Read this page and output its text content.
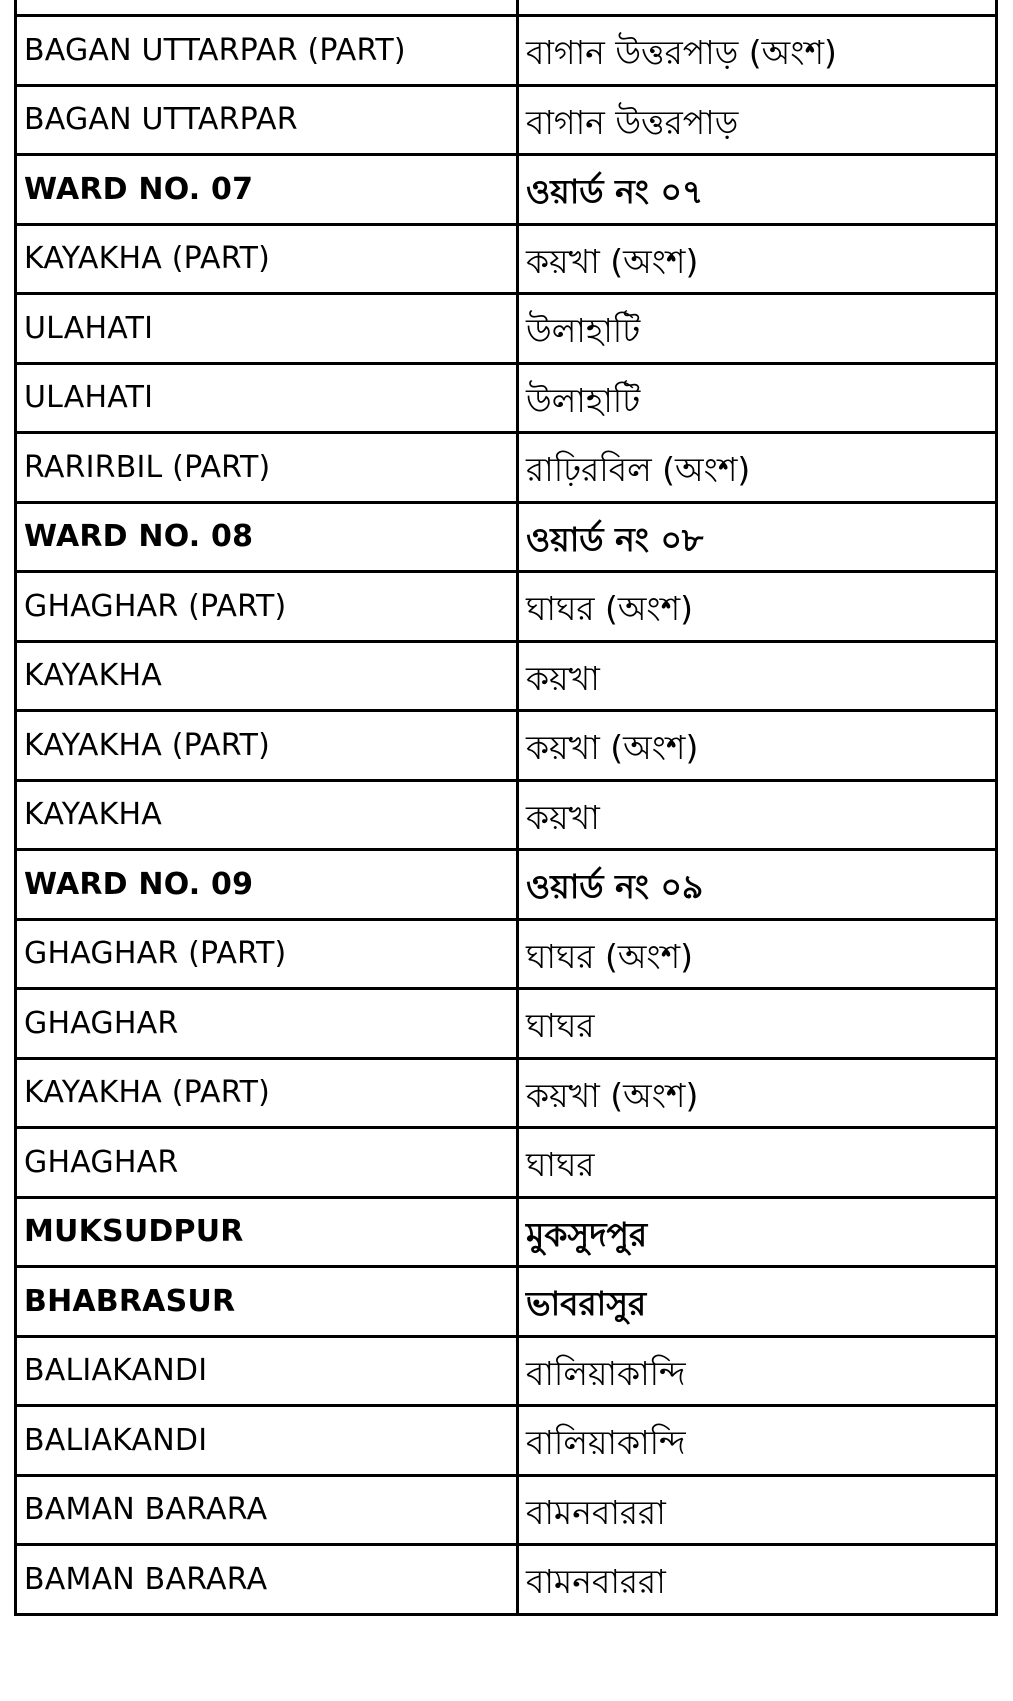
BAGAN UTTARPAR (PART)	বাগান উত্তরপাড় (অংশ)
BAGAN UTTARPAR	বাগান উত্তরপাড়
WARD NO. 07	ওয়ার্ড নং ০৭
KAYAKHA (PART)	কয়খা (অংশ)
ULAHATI	উলাহাটি
ULAHATI	উলাহাটি
RARIRBIL (PART)	রাঢ়িরবিল (অংশ)
WARD NO. 08	ওয়ার্ড নং ০৮
GHAGHAR (PART)	ঘাঘর (অংশ)
KAYAKHA	কয়খা
KAYAKHA (PART)	কয়খা (অংশ)
KAYAKHA	কয়খা
WARD NO. 09	ওয়ার্ড নং ০৯
GHAGHAR (PART)	ঘাঘর (অংশ)
GHAGHAR	ঘাঘর
KAYAKHA (PART)	কয়খা (অংশ)
GHAGHAR	ঘাঘর
MUKSUDPUR	মুকসুদপুর
BHABRASUR	ভাবরাসুর
BALIAKANDI	বালিয়াকান্দি
BALIAKANDI	বালিয়াকান্দি
BAMAN BARARA	বামনবাররা
BAMAN BARARA	বামনবাররা
